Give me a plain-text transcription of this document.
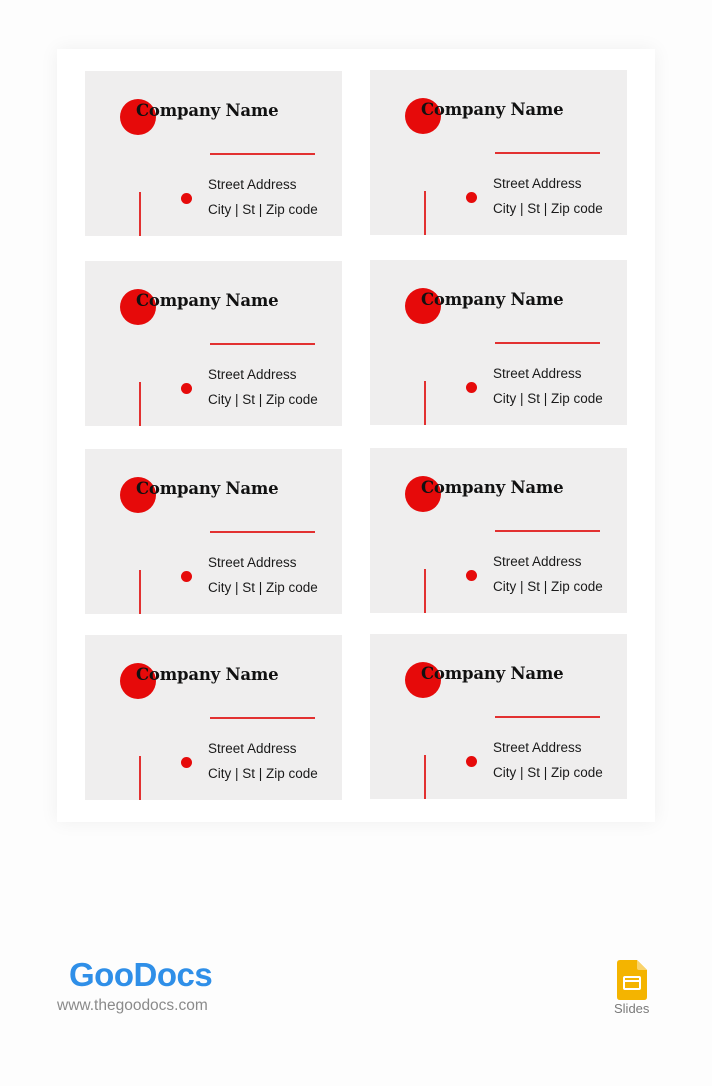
Company Name
Street Address
City | St | Zip code
Company Name
Street Address
City | St | Zip code
Company Name
Street Address
City | St | Zip code
Company Name
Street Address
City | St | Zip code
Company Name
Street Address
City | St | Zip code
Company Name
Street Address
City | St | Zip code
Company Name
Street Address
City | St | Zip code
Company Name
Street Address
City | St | Zip code
GooDocs
www.thegoodocs.com	Slides
